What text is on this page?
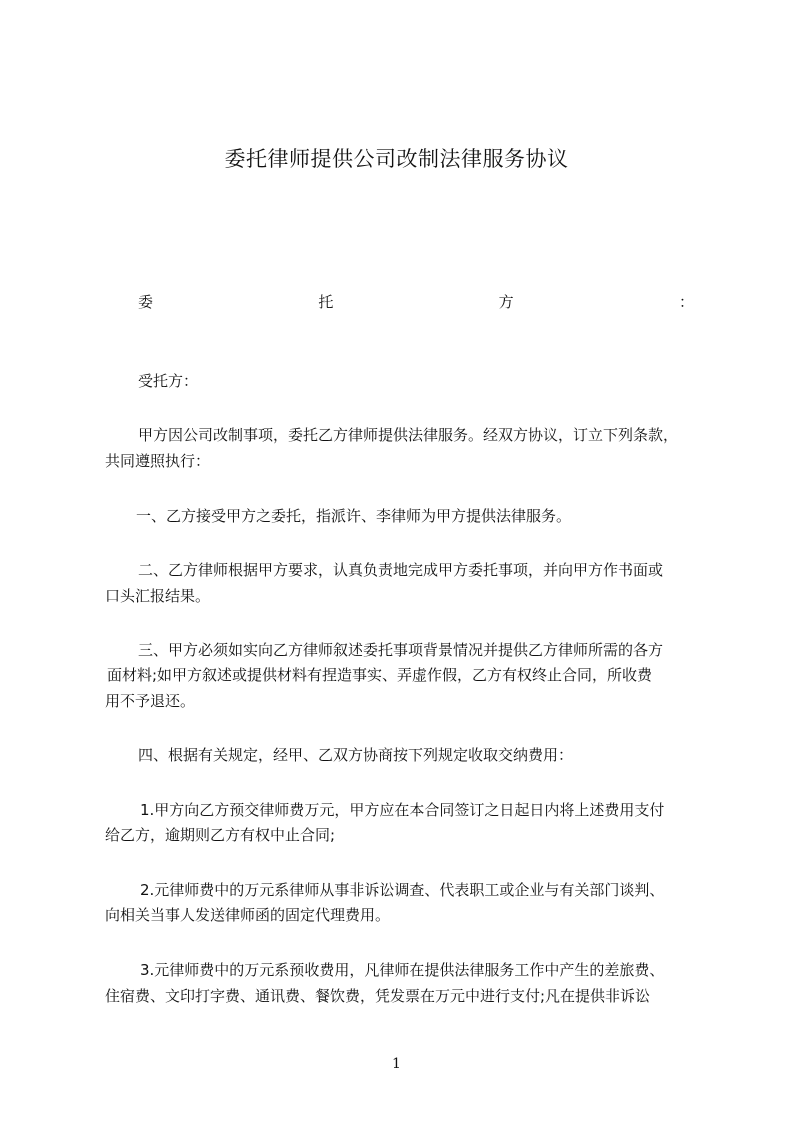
委托律师提供公司改制法律服务协议
委	托	方	：
受托方：
甲方因公司改制事项，委托乙方律师提供法律服务。经双方协议，订立下列条款，
共同遵照执行：
一、乙方接受甲方之委托，指派许、李律师为甲方提供法律服务。
二、乙方律师根据甲方要求，认真负责地完成甲方委托事项，并向甲方作书面或
口头汇报结果。
三、甲方必须如实向乙方律师叙述委托事项背景情况并提供乙方律师所需的各方
面材料;如甲方叙述或提供材料有捏造事实、弄虚作假，乙方有权终止合同，所收费
用不予退还。
四、根据有关规定，经甲、乙双方协商按下列规定收取交纳费用：
1.甲方向乙方预交律师费万元，甲方应在本合同签订之日起日内将上述费用支付
给乙方，逾期则乙方有权中止合同;
2.元律师费中的万元系律师从事非诉讼调查、代表职工或企业与有关部门谈判、
向相关当事人发送律师函的固定代理费用。
3.元律师费中的万元系预收费用，凡律师在提供法律服务工作中产生的差旅费、
住宿费、文印打字费、通讯费、餐饮费，凭发票在万元中进行支付;凡在提供非诉讼
1
